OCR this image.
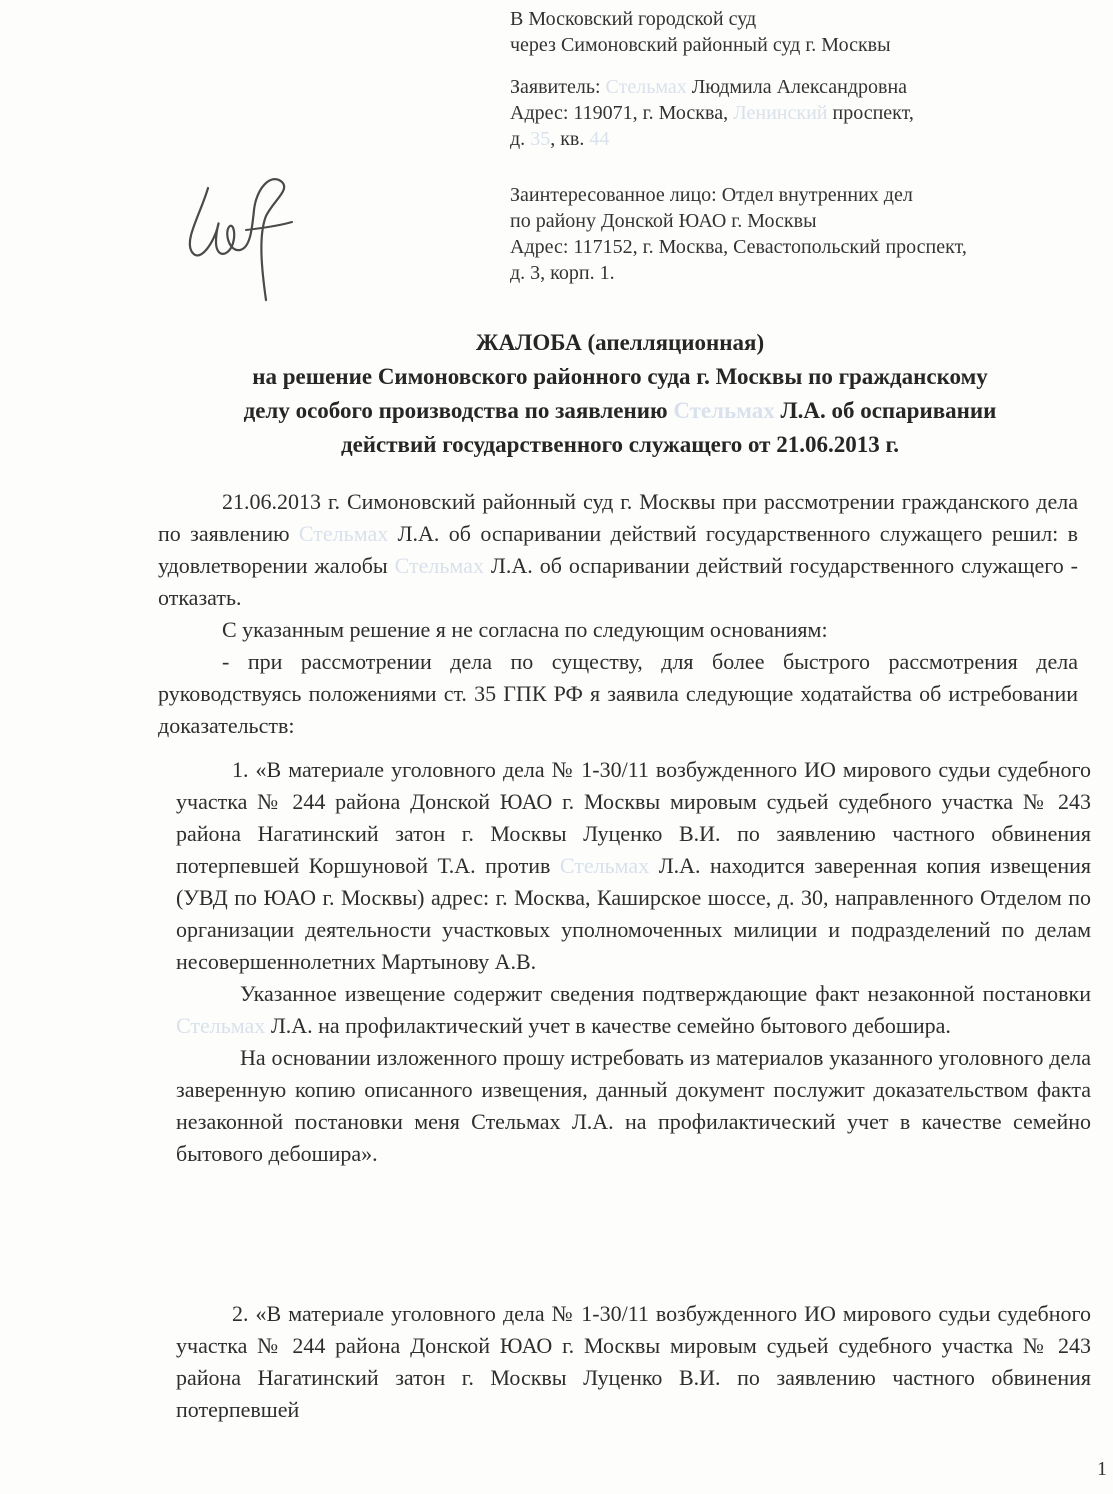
В Московский городской суд
через Симоновский районный суд г. Москвы
Заявитель: Стельмах Людмила Александровна
Адрес: 119071, г. Москва, Ленинский проспект,
д. 35, кв. 44
Заинтересованное лицо: Отдел внутренних дел
по району Донской ЮАО г. Москвы
Адрес: 117152, г. Москва, Севастопольский проспект,
д. 3, корп. 1.
ЖАЛОБА (апелляционная)
на решение Симоновского районного суда г. Москвы по гражданскому
делу особого производства по заявлению Стельмах Л.А. об оспаривании
действий государственного служащего от 21.06.2013 г.

21.06.2013 г. Симоновский районный суд г. Москвы при рассмотрении гражданского дела по заявлению Стельмах Л.А. об оспаривании действий государственного служащего решил: в удовлетворении жалобы Стельмах Л.А. об оспаривании действий государственного служащего - отказать.

С указанным решение я не согласна по следующим основаниям:

- при рассмотрении дела по существу, для более быстрого рассмотрения дела руководствуясь положениями ст. 35 ГПК РФ я заявила следующие ходатайства об истребовании доказательств:

1. «В материале уголовного дела № 1-30/11 возбужденного ИО мирового судьи судебного участка № 244 района Донской ЮАО г. Москвы мировым судьей судебного участка № 243 района Нагатинский затон г. Москвы Луценко В.И. по заявлению частного обвинения потерпевшей Коршуновой Т.А. против Стельмах Л.А. находится заверенная копия извещения (УВД по ЮАО г. Москвы) адрес: г. Москва, Каширское шоссе, д. 30, направленного Отделом по организации деятельности участковых уполномоченных милиции и подразделений по делам несовершеннолетних Мартынову А.В.

Указанное извещение содержит сведения подтверждающие факт незаконной постановки Стельмах Л.А. на профилактический учет в качестве семейно бытового дебошира.

На основании изложенного прошу истребовать из материалов указанного уголовного дела заверенную копию описанного извещения, данный документ послужит доказательством факта незаконной постановки меня Стельмах Л.А. на профилактический учет в качестве семейно бытового дебошира».

2. «В материале уголовного дела № 1-30/11 возбужденного ИО мирового судьи судебного участка № 244 района Донской ЮАО г. Москвы мировым судьей судебного участка № 243 района Нагатинский затон г. Москвы Луценко В.И. по заявлению частного обвинения потерпевшей

1
